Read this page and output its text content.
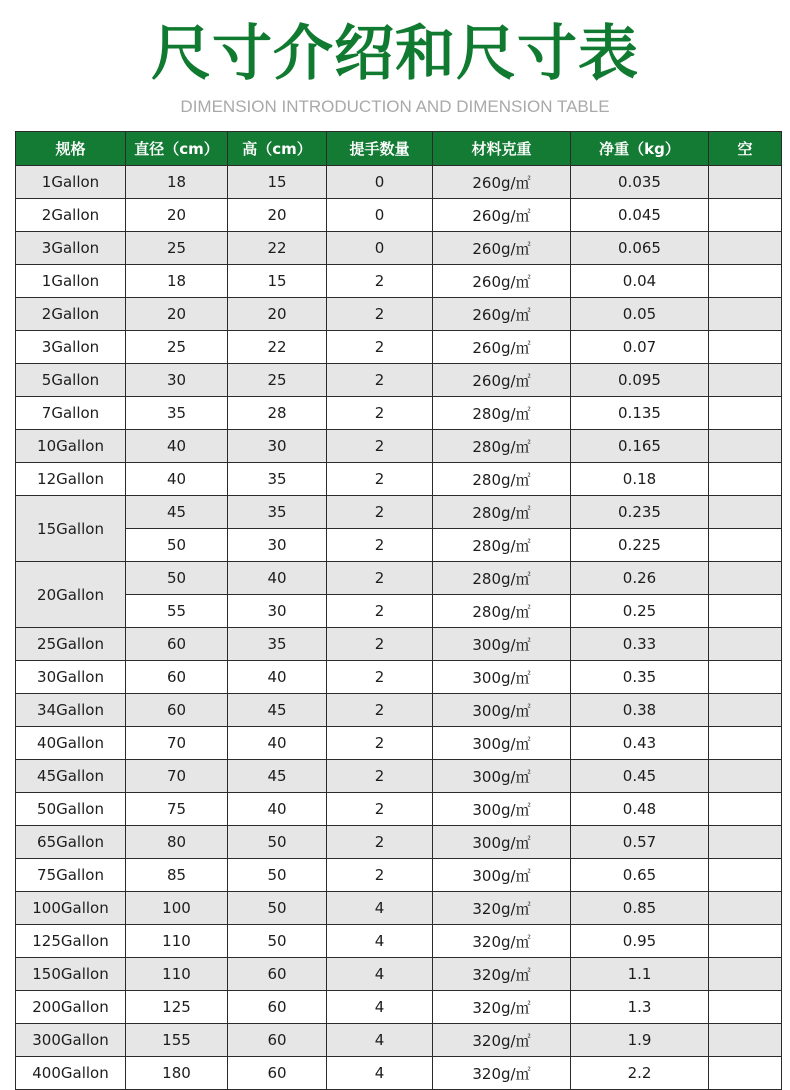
尺寸介绍和尺寸表
DIMENSION INTRODUCTION AND DIMENSION TABLE
规格	直径（cm）	高（cm）	提手数量	材料克重	净重（kg）	空
1Gallon	18	15	0	260g/㎡	0.035	
2Gallon	20	20	0	260g/㎡	0.045	
3Gallon	25	22	0	260g/㎡	0.065	
1Gallon	18	15	2	260g/㎡	0.04	
2Gallon	20	20	2	260g/㎡	0.05	
3Gallon	25	22	2	260g/㎡	0.07	
5Gallon	30	25	2	260g/㎡	0.095	
7Gallon	35	28	2	280g/㎡	0.135	
10Gallon	40	30	2	280g/㎡	0.165	
12Gallon	40	35	2	280g/㎡	0.18	
15Gallon	45	35	2	280g/㎡	0.235	
	50	30	2	280g/㎡	0.225	
20Gallon	50	40	2	280g/㎡	0.26	
	55	30	2	280g/㎡	0.25	
25Gallon	60	35	2	300g/㎡	0.33	
30Gallon	60	40	2	300g/㎡	0.35	
34Gallon	60	45	2	300g/㎡	0.38	
40Gallon	70	40	2	300g/㎡	0.43	
45Gallon	70	45	2	300g/㎡	0.45	
50Gallon	75	40	2	300g/㎡	0.48	
65Gallon	80	50	2	300g/㎡	0.57	
75Gallon	85	50	2	300g/㎡	0.65	
100Gallon	100	50	4	320g/㎡	0.85	
125Gallon	110	50	4	320g/㎡	0.95	
150Gallon	110	60	4	320g/㎡	1.1	
200Gallon	125	60	4	320g/㎡	1.3	
300Gallon	155	60	4	320g/㎡	1.9	
400Gallon	180	60	4	320g/㎡	2.2	
